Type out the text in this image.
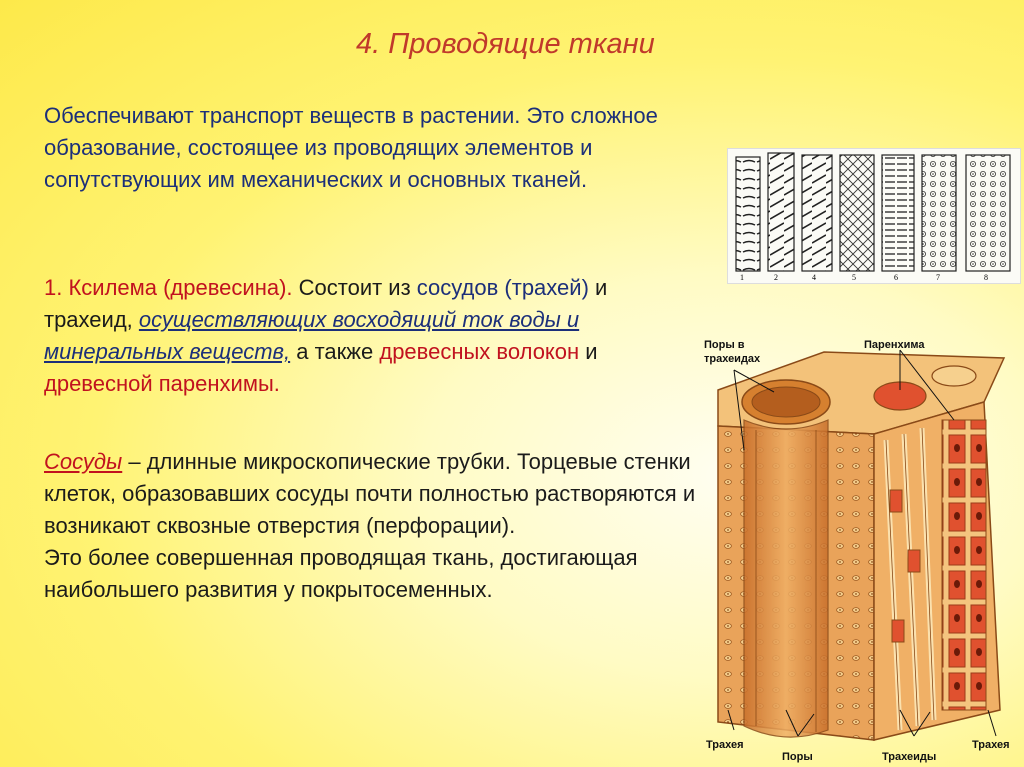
4. Проводящие ткани
Обеспечивают транспорт веществ в растении. Это сложное образование, состоящее из проводящих элементов и сопутствующих им механических и основных тканей.
1. Ксилема (древесина). Состоит из сосудов (трахей) и трахеид, осуществляющих восходящий ток воды и минеральных веществ, а также древесных волокон и древесной паренхимы.
Сосуды – длинные микроскопические трубки. Торцевые стенки клеток, образовавших сосуды почти полностью растворяются и возникают сквозные отверстия (перфорации).
Это более совершенная проводящая ткань, достигающая наибольшего развития у покрытосеменных.
1	2	4	5	6	7	8
Поры в
трахеидах
Паренхима
Трахея
Поры	Трахеиды
Трахея
